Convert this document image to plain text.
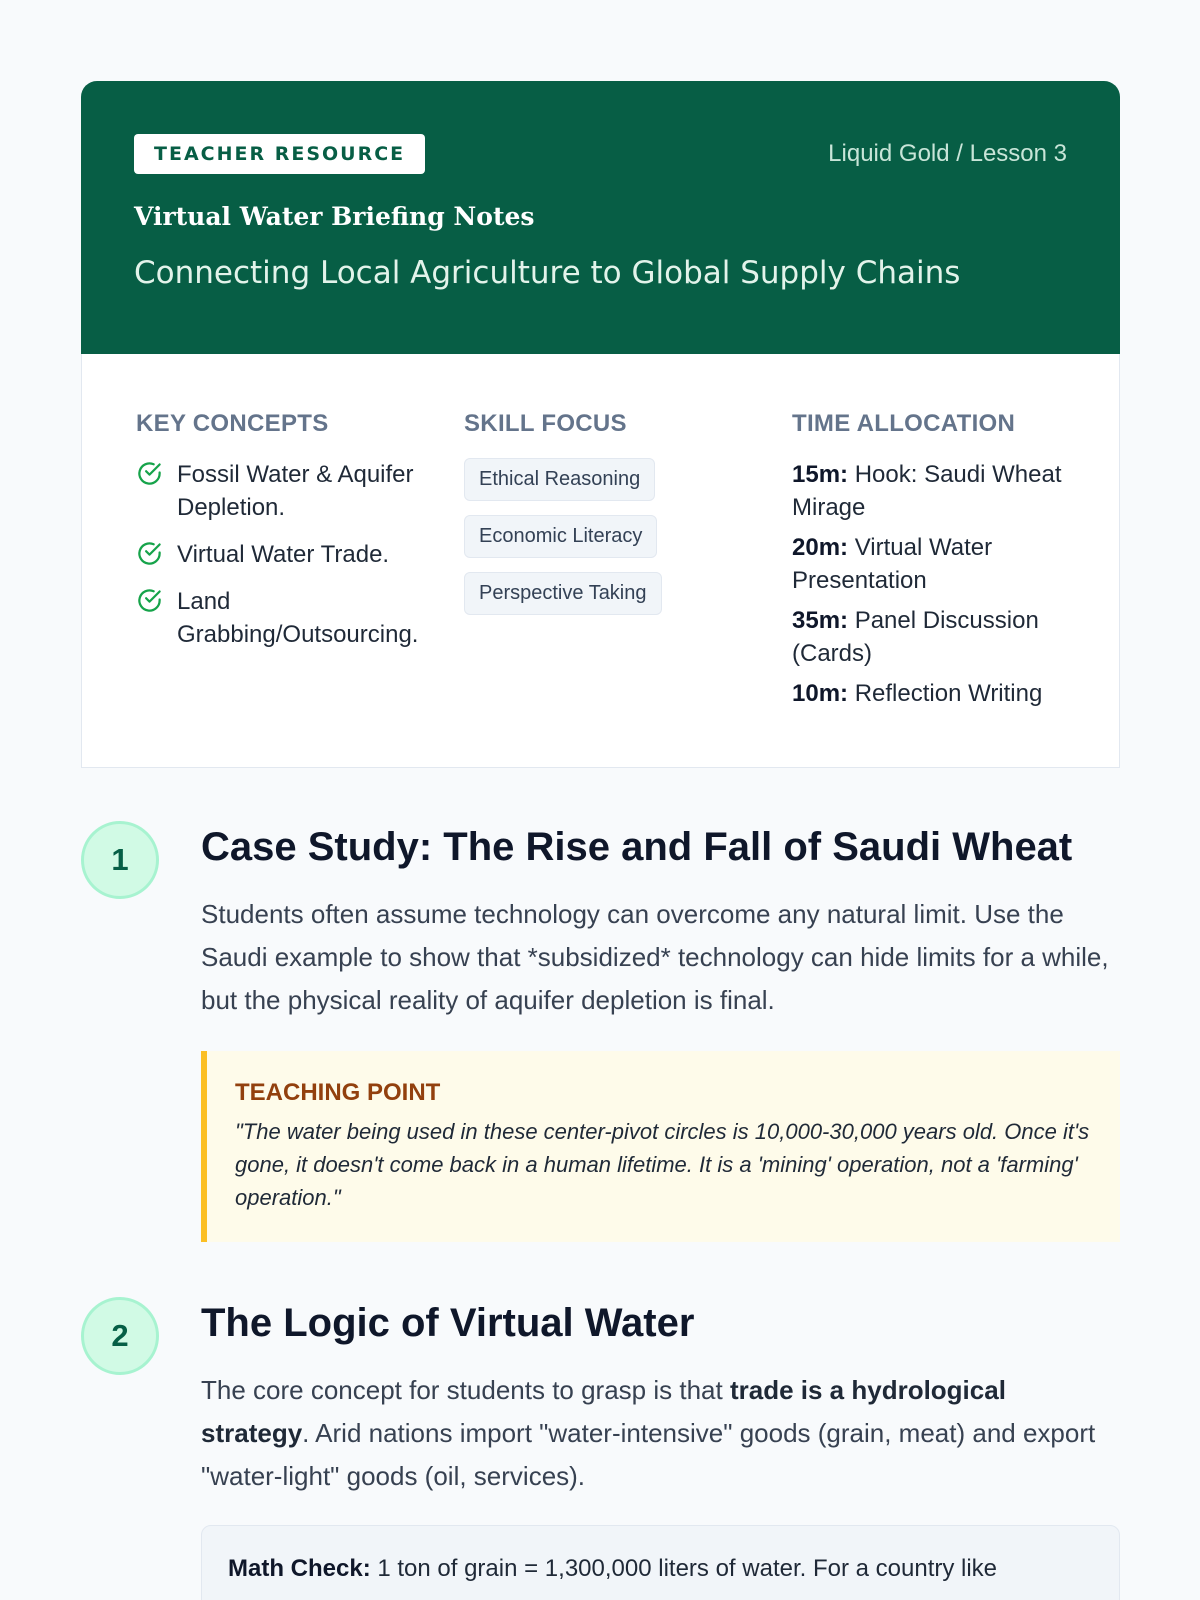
TEACHER RESOURCE	Liquid Gold / Lesson 3
Virtual Water Briefing Notes
Connecting Local Agriculture to Global Supply Chains
KEY CONCEPTS
Fossil Water & Aquifer Depletion.
Virtual Water Trade.
Land Grabbing/Outsourcing.
SKILL FOCUS
Ethical Reasoning
Economic Literacy
Perspective Taking
TIME ALLOCATION
15m: Hook: Saudi Wheat Mirage
20m: Virtual Water Presentation
35m: Panel Discussion (Cards)
10m: Reflection Writing
1	Case Study: The Rise and Fall of Saudi Wheat
Students often assume technology can overcome any natural limit. Use the Saudi example to show that *subsidized* technology can hide limits for a while, but the physical reality of aquifer depletion is final.
TEACHING POINT
"The water being used in these center-pivot circles is 10,000-30,000 years old. Once it's gone, it doesn't come back in a human lifetime. It is a 'mining' operation, not a 'farming' operation."
2	The Logic of Virtual Water
The core concept for students to grasp is that trade is a hydrological strategy. Arid nations import "water-intensive" goods (grain, meat) and export "water-light" goods (oil, services).
Math Check: 1 ton of grain = 1,300,000 liters of water. For a country like
